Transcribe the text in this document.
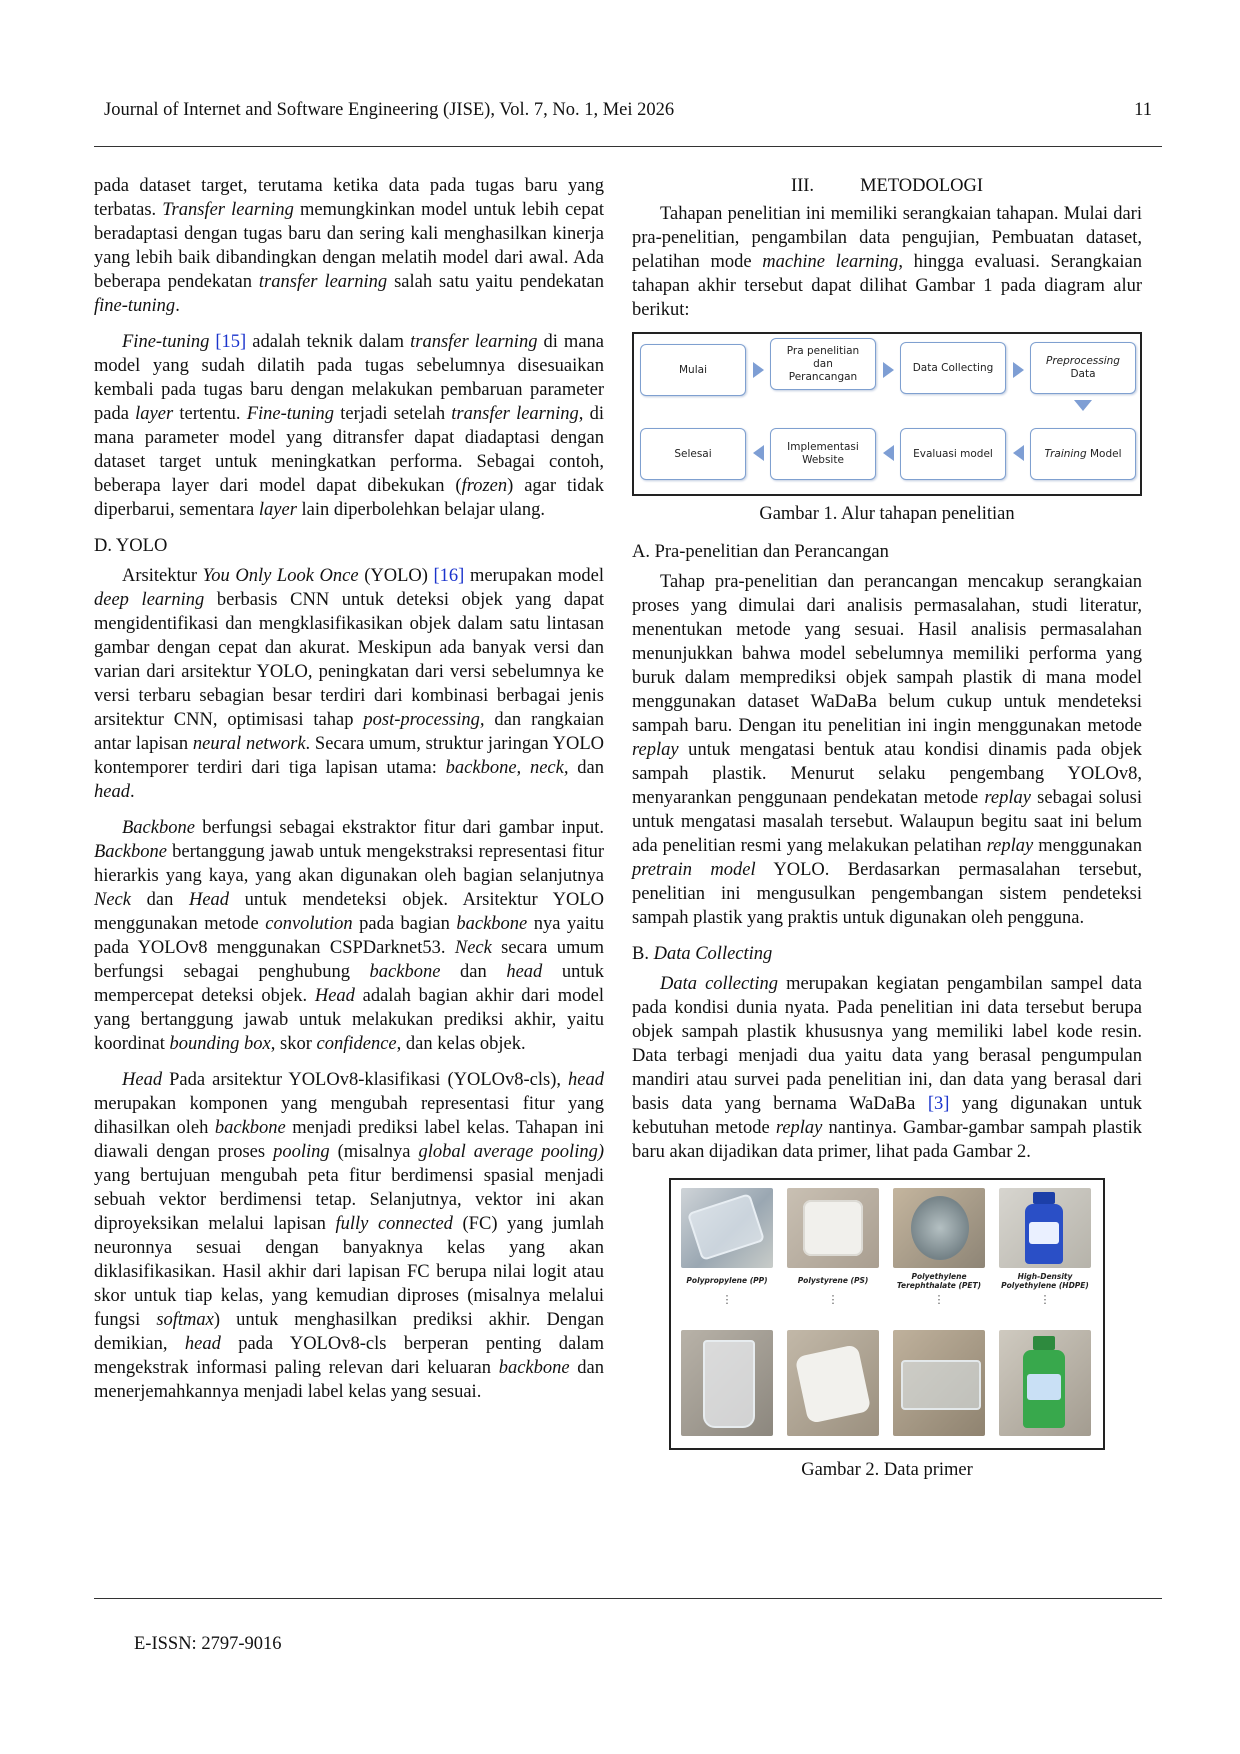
Journal of Internet and Software Engineering (JISE), Vol. 7, No. 1, Mei 2026	11

pada dataset target, terutama ketika data pada tugas baru yang terbatas. Transfer learning memungkinkan model untuk lebih cepat beradaptasi dengan tugas baru dan sering kali menghasilkan kinerja yang lebih baik dibandingkan dengan melatih model dari awal. Ada beberapa pendekatan transfer learning salah satu yaitu pendekatan fine-tuning.

Fine-tuning [15] adalah teknik dalam transfer learning di mana model yang sudah dilatih pada tugas sebelumnya disesuaikan kembali pada tugas baru dengan melakukan pembaruan parameter pada layer tertentu. Fine-tuning terjadi setelah transfer learning, di mana parameter model yang ditransfer dapat diadaptasi dengan dataset target untuk meningkatkan performa. Sebagai contoh, beberapa layer dari model dapat dibekukan (frozen) agar tidak diperbarui, sementara layer lain diperbolehkan belajar ulang.

D. YOLO

Arsitektur You Only Look Once (YOLO) [16] merupakan model deep learning berbasis CNN untuk deteksi objek yang dapat mengidentifikasi dan mengklasifikasikan objek dalam satu lintasan gambar dengan cepat dan akurat. Meskipun ada banyak versi dan varian dari arsitektur YOLO, peningkatan dari versi sebelumnya ke versi terbaru sebagian besar terdiri dari kombinasi berbagai jenis arsitektur CNN, optimisasi tahap post-processing, dan rangkaian antar lapisan neural network. Secara umum, struktur jaringan YOLO kontemporer terdiri dari tiga lapisan utama: backbone, neck, dan head.

Backbone berfungsi sebagai ekstraktor fitur dari gambar input. Backbone bertanggung jawab untuk mengekstraksi representasi fitur hierarkis yang kaya, yang akan digunakan oleh bagian selanjutnya Neck dan Head untuk mendeteksi objek. Arsitektur YOLO menggunakan metode convolution pada bagian backbone nya yaitu pada YOLOv8 menggunakan CSPDarknet53. Neck secara umum berfungsi sebagai penghubung backbone dan head untuk mempercepat deteksi objek. Head adalah bagian akhir dari model yang bertanggung jawab untuk melakukan prediksi akhir, yaitu koordinat bounding box, skor confidence, dan kelas objek.

Head Pada arsitektur YOLOv8-klasifikasi (YOLOv8-cls), head merupakan komponen yang mengubah representasi fitur yang dihasilkan oleh backbone menjadi prediksi label kelas. Tahapan ini diawali dengan proses pooling (misalnya global average pooling) yang bertujuan mengubah peta fitur berdimensi spasial menjadi sebuah vektor berdimensi tetap. Selanjutnya, vektor ini akan diproyeksikan melalui lapisan fully connected (FC) yang jumlah neuronnya sesuai dengan banyaknya kelas yang akan diklasifikasikan. Hasil akhir dari lapisan FC berupa nilai logit atau skor untuk tiap kelas, yang kemudian diproses (misalnya melalui fungsi softmax) untuk menghasilkan prediksi akhir. Dengan demikian, head pada YOLOv8-cls berperan penting dalam mengekstrak informasi paling relevan dari keluaran backbone dan menerjemahkannya menjadi label kelas yang sesuai.

III. METODOLOGI

Tahapan penelitian ini memiliki serangkaian tahapan. Mulai dari pra-penelitian, pengambilan data pengujian, Pembuatan dataset, pelatihan mode machine learning, hingga evaluasi. Serangkaian tahapan akhir tersebut dapat dilihat Gambar 1 pada diagram alur berikut:

Mulai
Pra penelitian
dan
Perancangan
Data Collecting
Preprocessing
Data
Selesai
Implementasi
Website
Evaluasi model	Training Model
Gambar 1. Alur tahapan penelitian
A. Pra-penelitian dan Perancangan

Tahap pra-penelitian dan perancangan mencakup serangkaian proses yang dimulai dari analisis permasalahan, studi literatur, menentukan metode yang sesuai. Hasil analisis permasalahan menunjukkan bahwa model sebelumnya memiliki performa yang buruk dalam memprediksi objek sampah plastik di mana model menggunakan dataset WaDaBa belum cukup untuk mendeteksi sampah baru. Dengan itu penelitian ini ingin menggunakan metode replay untuk mengatasi bentuk atau kondisi dinamis pada objek sampah plastik. Menurut selaku pengembang YOLOv8, menyarankan penggunaan pendekatan metode replay sebagai solusi untuk mengatasi masalah tersebut. Walaupun begitu saat ini belum ada penelitian resmi yang melakukan pelatihan replay menggunakan pretrain model YOLO. Berdasarkan permasalahan tersebut, penelitian ini mengusulkan pengembangan sistem pendeteksi sampah plastik yang praktis untuk digunakan oleh pengguna.

B. Data Collecting

Data collecting merupakan kegiatan pengambilan sampel data pada kondisi dunia nyata. Pada penelitian ini data tersebut berupa objek sampah plastik khususnya yang memiliki label kode resin. Data terbagi menjadi dua yaitu data yang berasal pengumpulan mandiri atau survei pada penelitian ini, dan data yang berasal dari basis data yang bernama WaDaBa [3] yang digunakan untuk kebutuhan metode replay nantinya. Gambar-gambar sampah plastik baru akan dijadikan data primer, lihat pada Gambar 2.

Polypropylene (PP)	Polystyrene (PS)	Polyethylene
Terephthalate (PET)
High-Density
Polyethylene (HDPE)
⋮	⋮	⋮	⋮
Gambar 2. Data primer
E-ISSN: 2797-9016
